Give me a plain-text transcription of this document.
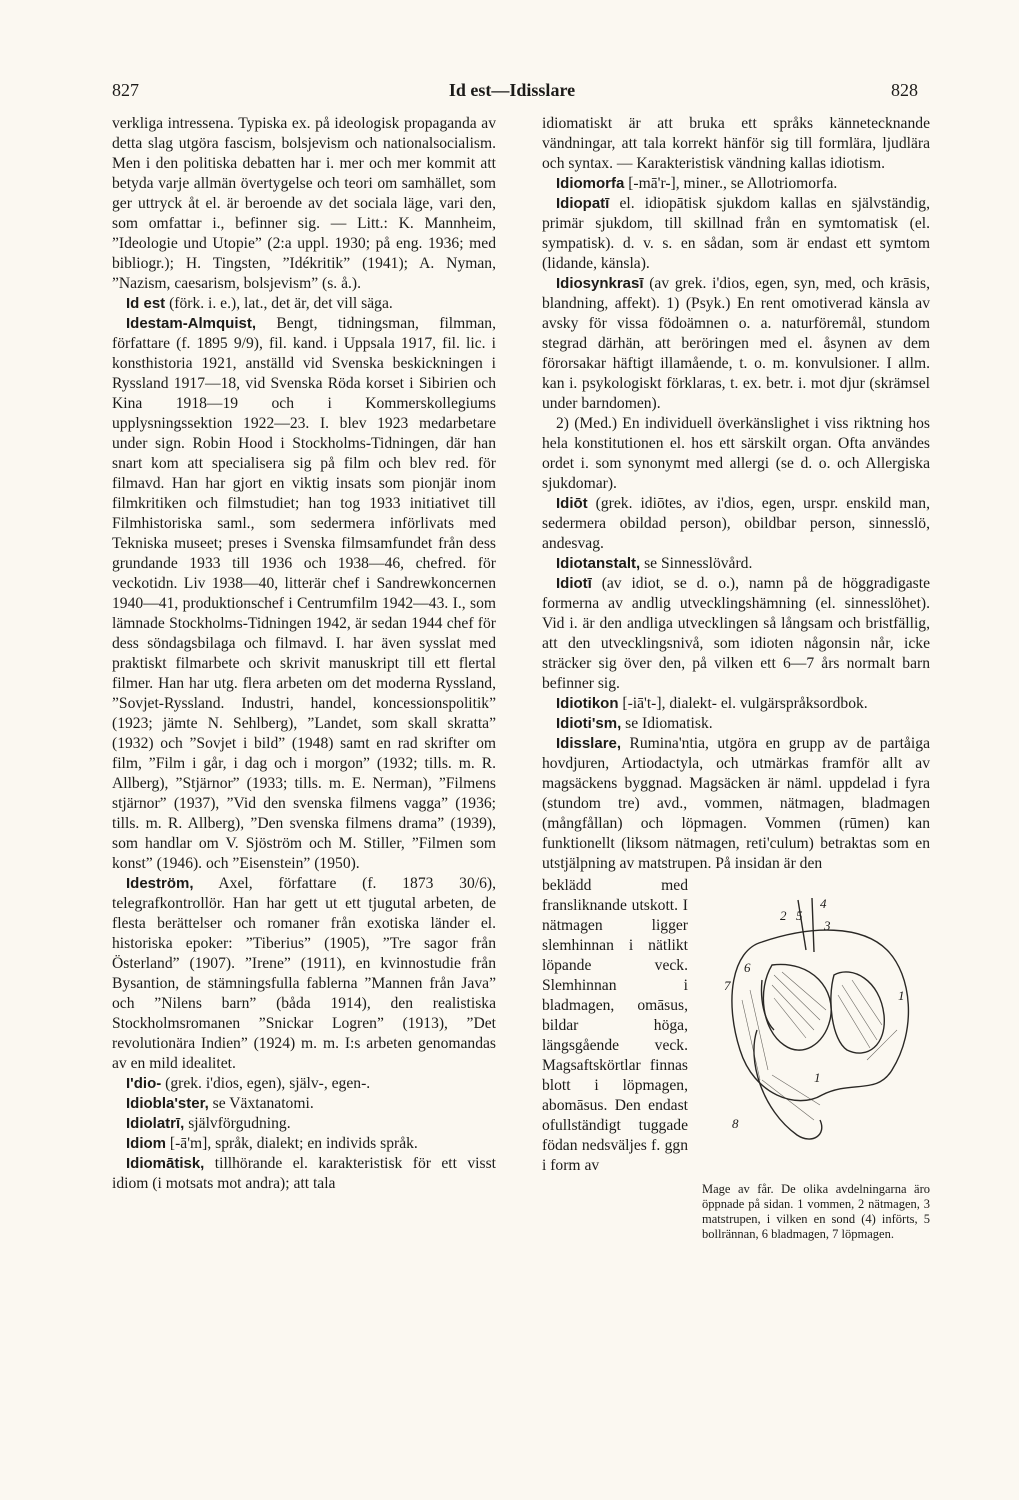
827	Id est—Idisslare	828

verkliga intressena. Typiska ex. på ideologisk propaganda av detta slag utgöra fascism, bolsjevism och nationalsocialism. Men i den politiska debatten har i. mer och mer kommit att betyda varje allmän övertygelse och teori om samhället, som ger uttryck åt el. är beroende av det sociala läge, vari den, som omfattar i., befinner sig. — Litt.: K. Mannheim, ”Ideologie und Utopie” (2:a uppl. 1930; på eng. 1936; med bibliogr.); H. Tingsten, ”Idékritik” (1941); A. Nyman, ”Nazism, caesarism, bolsjevism” (s. å.).

Id est (förk. i. e.), lat., det är, det vill säga.

Idestam-Almquist, Bengt, tidningsman, filmman, författare (f. 1895 9/9), fil. kand. i Uppsala 1917, fil. lic. i konsthistoria 1921, anställd vid Svenska beskickningen i Ryssland 1917—18, vid Svenska Röda korset i Sibirien och Kina 1918—19 och i Kommerskollegiums upplysningssektion 1922—23. I. blev 1923 medarbetare under sign. Robin Hood i Stockholms-Tidningen, där han snart kom att specialisera sig på film och blev red. för filmavd. Han har gjort en viktig insats som pionjär inom filmkritiken och filmstudiet; han tog 1933 initiativet till Filmhistoriska saml., som sedermera införlivats med Tekniska museet; preses i Svenska filmsamfundet från dess grundande 1933 till 1936 och 1938—46, chefred. för veckotidn. Liv 1938—40, litterär chef i Sandrewkoncernen 1940—41, produktionschef i Centrumfilm 1942—43. I., som lämnade Stockholms-Tidningen 1942, är sedan 1944 chef för dess söndagsbilaga och filmavd. I. har även sysslat med praktiskt filmarbete och skrivit manuskript till ett flertal filmer. Han har utg. flera arbeten om det moderna Ryssland, ”Sovjet-Ryssland. Industri, handel, koncessionspolitik” (1923; jämte N. Sehlberg), ”Landet, som skall skratta” (1932) och ”Sovjet i bild” (1948) samt en rad skrifter om film, ”Film i går, i dag och i morgon” (1932; tills. m. R. Allberg), ”Stjärnor” (1933; tills. m. E. Nerman), ”Filmens stjärnor” (1937), ”Vid den svenska filmens vagga” (1936; tills. m. R. Allberg), ”Den svenska filmens drama” (1939), som handlar om V. Sjöström och M. Stiller, ”Filmen som konst” (1946). och ”Eisenstein” (1950).

Ideström, Axel, författare (f. 1873 30/6), telegrafkontrollör. Han har gett ut ett tjugutal arbeten, de flesta berättelser och romaner från exotiska länder el. historiska epoker: ”Tiberius” (1905), ”Tre sagor från Österland” (1907). ”Irene” (1911), en kvinnostudie från Bysantion, de stämningsfulla fablerna ”Mannen från Java” och ”Nilens barn” (båda 1914), den realistiska Stockholmsromanen ”Snickar Logren” (1913), ”Det revolutionära Indien” (1924) m. m. I:s arbeten genomandas av en mild idealitet.

I'dio- (grek. i'dios, egen), själv-, egen-.

Idiobla'ster, se Växtanatomi.

Idiolatrī, självförgudning.

Idiom [-ā'm], språk, dialekt; en individs språk.

Idiomātisk, tillhörande el. karakteristisk för ett visst idiom (i motsats mot andra); att tala

idiomatiskt är att bruka ett språks kännetecknande vändningar, att tala korrekt hänför sig till formlära, ljudlära och syntax. — Karakteristisk vändning kallas idiotism.

Idiomorfa [-mā'r-], miner., se Allotriomorfa.

Idiopatī el. idiopātisk sjukdom kallas en självständig, primär sjukdom, till skillnad från en symtomatisk (el. sympatisk). d. v. s. en sådan, som är endast ett symtom (lidande, känsla).

Idiosynkrasī (av grek. i'dios, egen, syn, med, och krāsis, blandning, affekt). 1) (Psyk.) En rent omotiverad känsla av avsky för vissa födoämnen o. a. naturföremål, stundom stegrad därhän, att beröringen med el. åsynen av dem förorsakar häftigt illamående, t. o. m. konvulsioner. I allm. kan i. psykologiskt förklaras, t. ex. betr. i. mot djur (skrämsel under barndomen).

2) (Med.) En individuell överkänslighet i viss riktning hos hela konstitutionen el. hos ett särskilt organ. Ofta användes ordet i. som synonymt med allergi (se d. o. och Allergiska sjukdomar).

Idiōt (grek. idiōtes, av i'dios, egen, urspr. enskild man, sedermera obildad person), obildbar person, sinnesslö, andesvag.

Idiotanstalt, se Sinnesslövård.

Idiotī (av idiot, se d. o.), namn på de höggradigaste formerna av andlig utvecklingshämning (el. sinnesslöhet). Vid i. är den andliga utvecklingen så långsam och bristfällig, att den utvecklingsnivå, som idioten någonsin når, icke sträcker sig över den, på vilken ett 6—7 års normalt barn befinner sig.

Idiotikon [-iā't-], dialekt- el. vulgärspråksordbok.

Idioti'sm, se Idiomatisk.

Idisslare, Rumina'ntia, utgöra en grupp av de partåiga hovdjuren, Artiodactyla, och utmärkas framför allt av magsäckens byggnad. Magsäcken är näml. uppdelad i fyra (stundom tre) avd., vommen, nätmagen, bladmagen (mångfållan) och löpmagen. Vommen (rūmen) kan funktionellt (liksom nätmagen, reti'culum) betraktas som en utstjälpning av matstrupen. På insidan är den

beklädd med fransliknande utskott. I nätmagen ligger slemhinnan i nätlikt löpande veck. Slemhinnan i bladmagen, omāsus, bildar höga, längsgående veck. Magsaftskörtlar finnas blott i löpmagen, abomāsus. Den endast ofullständigt tuggade födan nedsväljes f. ggn i form av
1
2
3
4
5
6
7
8
1
Mage av får. De olika avdelningarna äro öppnade på sidan. 1 vommen, 2 nätmagen, 3 matstrupen, i vilken en sond (4) införts, 5 bollrännan, 6 bladmagen, 7 löpmagen.
